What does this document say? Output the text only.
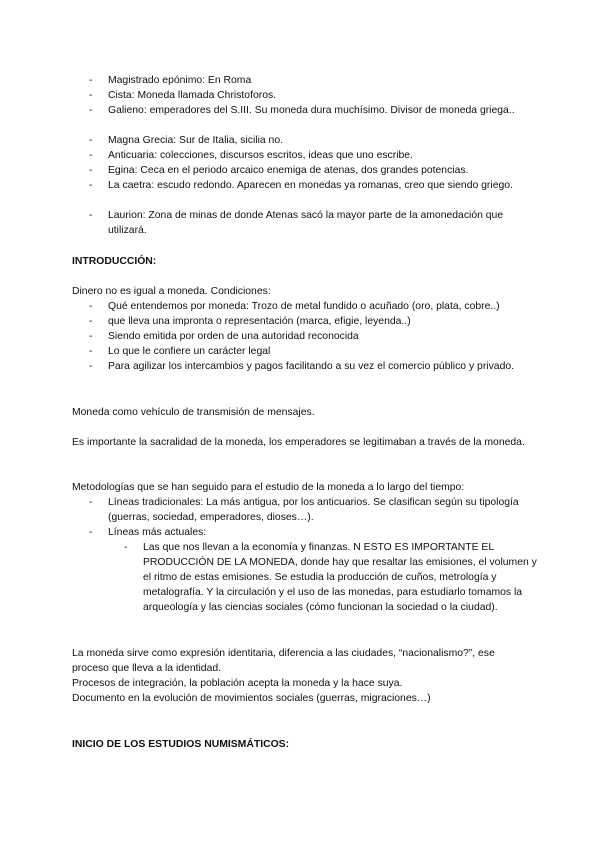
- Magistrado epónimo: En Roma
- Cista: Moneda llamada Christoforos.
- Galieno: emperadores del S.III. Su moneda dura muchísimo. Divisor de moneda griega..
- Magna Grecia: Sur de Italia, sicilia no.
- Anticuaria: colecciones, discursos escritos, ideas que uno escribe.
- Egina: Ceca en el periodo arcaico enemiga de atenas, dos grandes potencias.
- La caetra: escudo redondo. Aparecen en monedas ya romanas, creo que siendo griego.
- Laurion: Zona de minas de donde Atenas sacó la mayor parte de la amonedación que utilizará.
INTRODUCCIÓN:
Dinero no es igual a moneda. Condiciones:
- Qué entendemos por moneda: Trozo de metal fundido o acuñado (oro, plata, cobre..)
- que lleva una impronta o representación (marca, efigie, leyenda..)
- Siendo emitida por orden de una autoridad reconocida
- Lo que le confiere un carácter legal
- Para agilizar los intercambios y pagos facilitando a su vez el comercio público y privado.
Moneda como vehículo de transmisión de mensajes.
Es importante la sacralidad de la moneda, los emperadores se legitimaban a través de la moneda.
Metodologías que se han seguido para el estudio de la moneda a lo largo del tiempo:
- Líneas tradicionales: La más antigua, por los anticuarios. Se clasifican según su tipología (guerras, sociedad, emperadores, dioses…).
- Líneas más actuales:
- Las que nos llevan a la economía y finanzas. N ESTO ES IMPORTANTE EL PRODUCCIÓN DE LA MONEDA, donde hay que resaltar las emisiones, el volumen y el ritmo de estas emisiones. Se estudia la producción de cuños, metrología y metalografía. Y la circulación y el uso de las monedas, para estudiarlo tomamos la arqueología y las ciencias sociales (cómo funcionan la sociedad o la ciudad).
La moneda sirve como expresión identitaria, diferencia a las ciudades, “nacionalismo?”, ese proceso que lleva a la identidad.
Procesos de integración, la población acepta la moneda y la hace suya.
Documento en la evolución de movimientos sociales (guerras, migraciones…)
INICIO DE LOS ESTUDIOS NUMISMÁTICOS:
